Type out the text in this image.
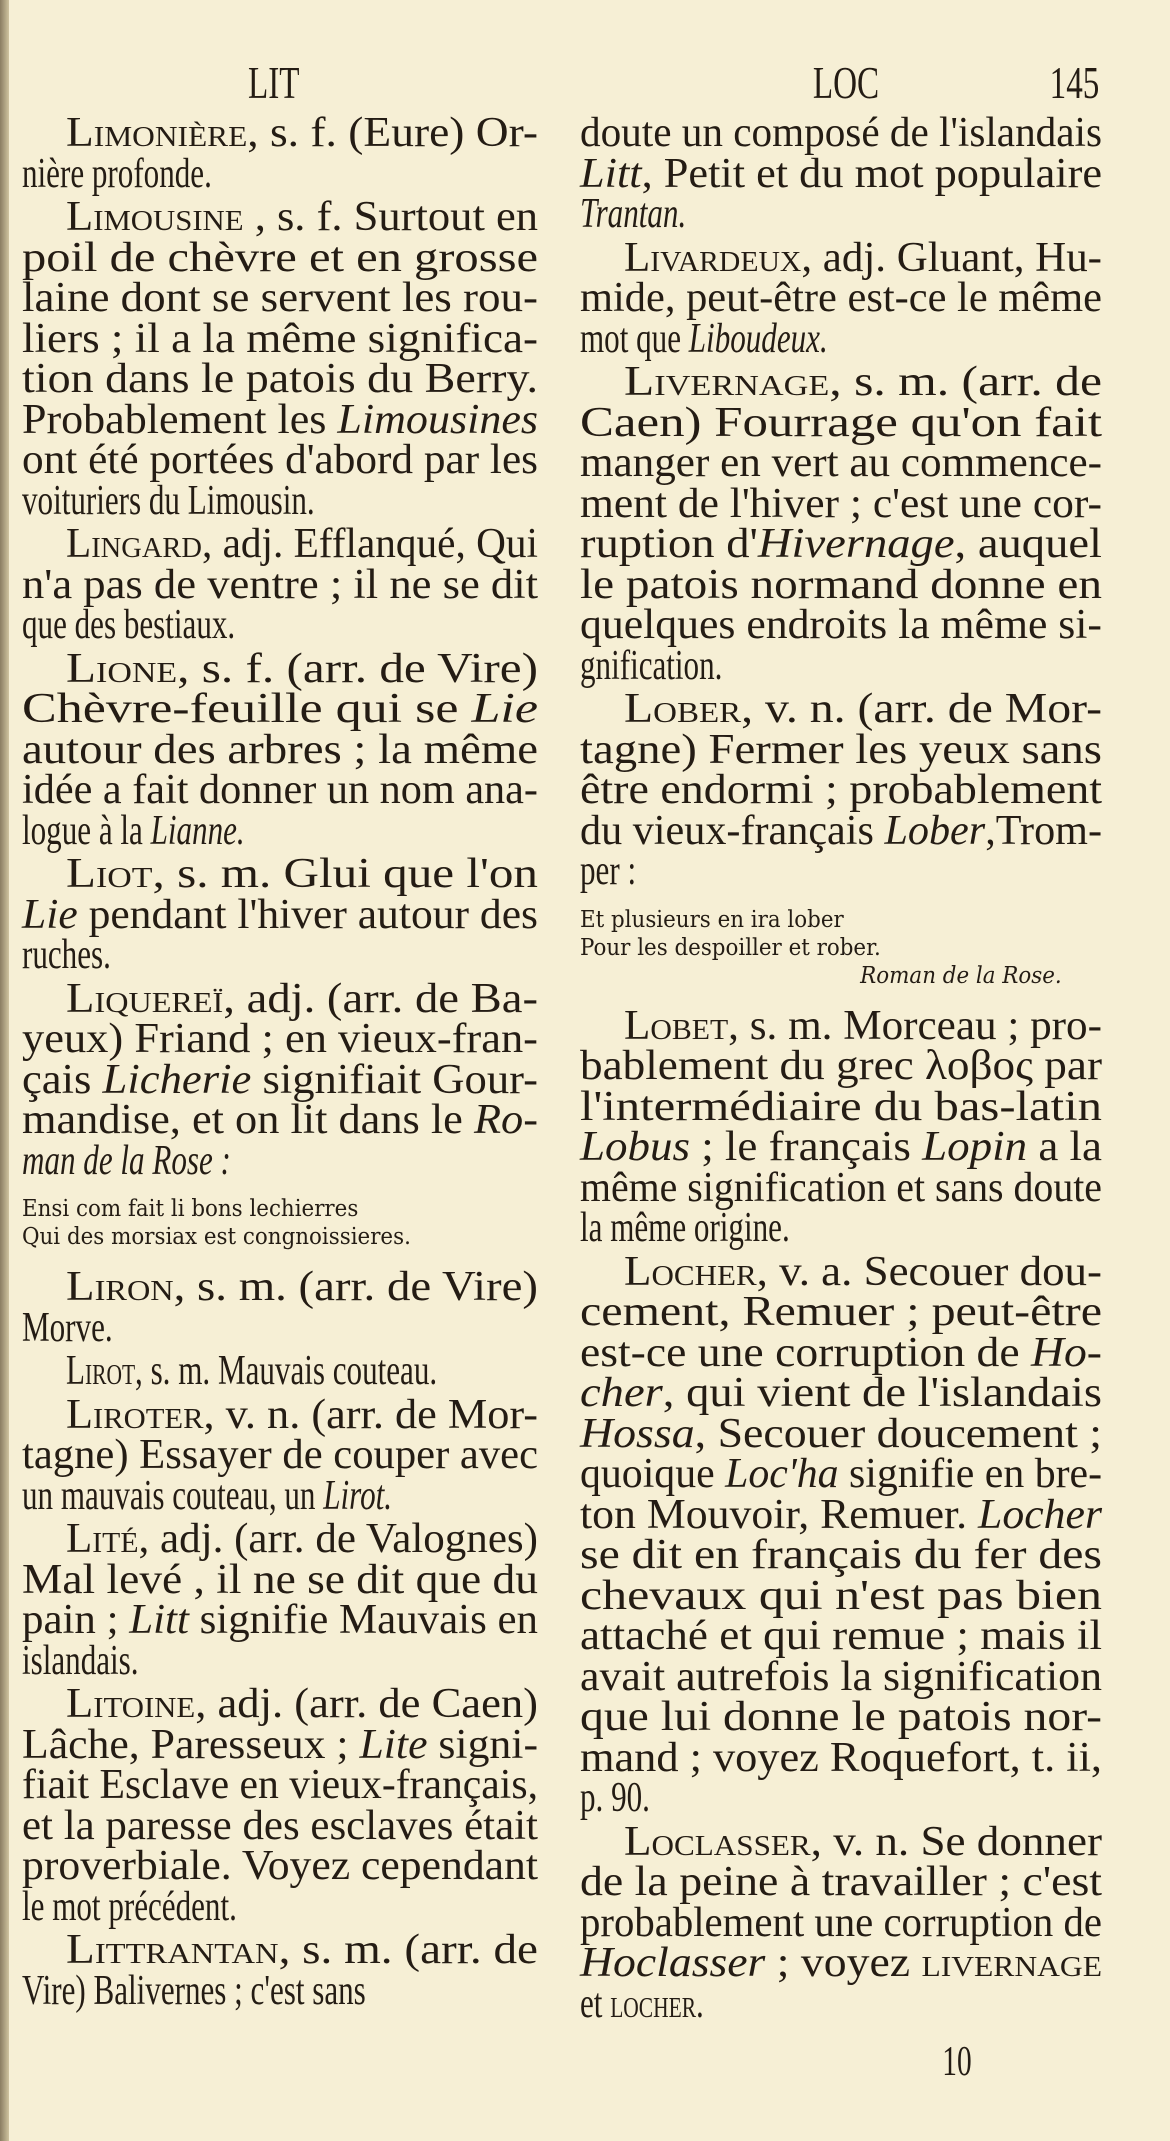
LIT	LOC	145
Limonière, s. f. (Eure) Or-
nière profonde.
Limousine , s. f. Surtout en
poil de chèvre et en grosse
laine dont se servent les rou-
liers ; il a la même significa-
tion dans le patois du Berry.
Probablement les Limousines
ont été portées d'abord par les
voituriers du Limousin.
Lingard, adj. Efflanqué, Qui
n'a pas de ventre ; il ne se dit
que des bestiaux.
Lione, s. f. (arr. de Vire)
Chèvre-feuille qui se Lie
autour des arbres ; la même
idée a fait donner un nom ana-
logue à la Lianne.
Liot, s. m. Glui que l'on
Lie pendant l'hiver autour des
ruches.
Liquereï, adj. (arr. de Ba-
yeux) Friand ; en vieux-fran-
çais Licherie signifiait Gour-
mandise, et on lit dans le Ro-
man de la Rose :
Ensi com fait li bons lechierres
Qui des morsiax est congnoissieres.
Liron, s. m. (arr. de Vire)
Morve.
Lirot, s. m. Mauvais couteau.
Liroter, v. n. (arr. de Mor-
tagne) Essayer de couper avec
un mauvais couteau, un Lirot.
Lité, adj. (arr. de Valognes)
Mal levé , il ne se dit que du
pain ; Litt signifie Mauvais en
islandais.
Litoine, adj. (arr. de Caen)
Lâche, Paresseux ; Lite signi-
fiait Esclave en vieux-français,
et la paresse des esclaves était
proverbiale. Voyez cependant
le mot précédent.
Littrantan, s. m. (arr. de
Vire) Balivernes ; c'est sans
doute un composé de l'islandais
Litt, Petit et du mot populaire
Trantan.
Livardeux, adj. Gluant, Hu-
mide, peut-être est-ce le même
mot que Liboudeux.
Livernage, s. m. (arr. de
Caen) Fourrage qu'on fait
manger en vert au commence-
ment de l'hiver ; c'est une cor-
ruption d'Hivernage, auquel
le patois normand donne en
quelques endroits la même si-
gnification.
Lober, v. n. (arr. de Mor-
tagne) Fermer les yeux sans
être endormi ; probablement
du vieux-français Lober,Trom-
per :
Et plusieurs en ira lober
Pour les despoiller et rober.
Roman de la Rose.
Lobet, s. m. Morceau ; pro-
bablement du grec λοβος par
l'intermédiaire du bas-latin
Lobus ; le français Lopin a la
même signification et sans doute
la même origine.
Locher, v. a. Secouer dou-
cement, Remuer ; peut-être
est-ce une corruption de Ho-
cher, qui vient de l'islandais
Hossa, Secouer doucement ;
quoique Loc'ha signifie en bre-
ton Mouvoir, Remuer. Locher
se dit en français du fer des
chevaux qui n'est pas bien
attaché et qui remue ; mais il
avait autrefois la signification
que lui donne le patois nor-
mand ; voyez Roquefort, t. ii,
p. 90.
Loclasser, v. n. Se donner
de la peine à travailler ; c'est
probablement une corruption de
Hoclasser ; voyez livernage
et locher.
10
